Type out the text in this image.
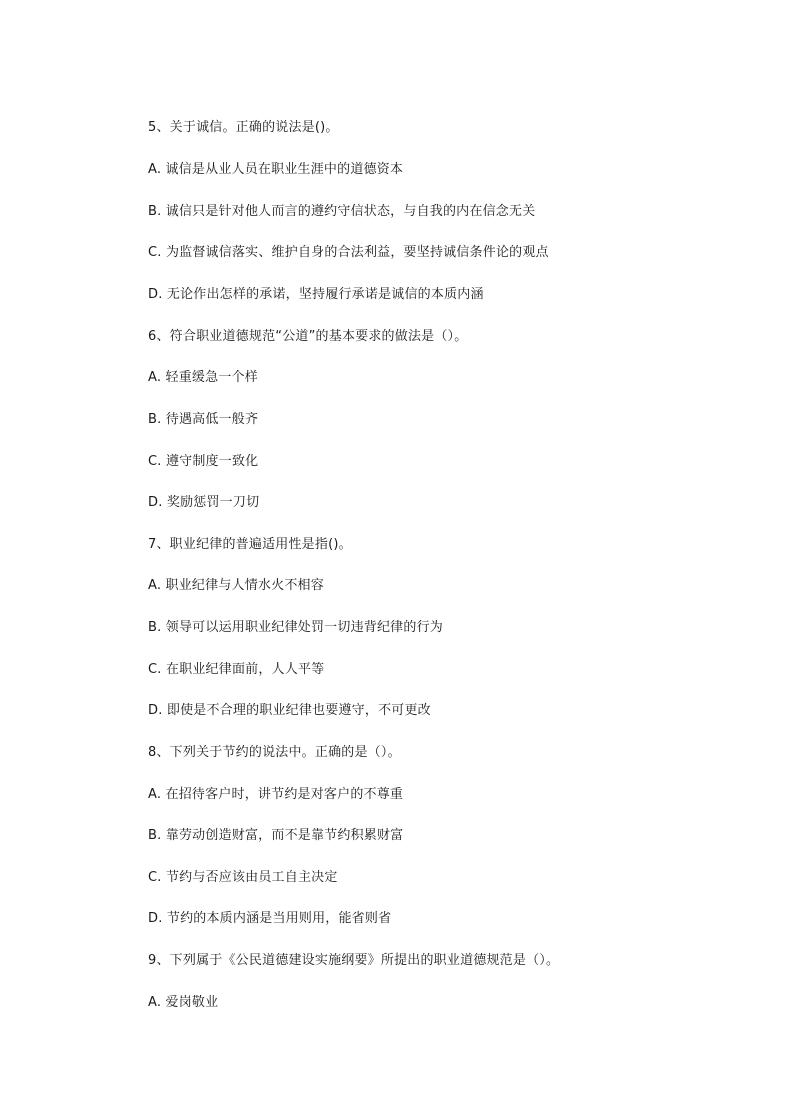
5、关于诚信。正确的说法是()。
A. 诚信是从业人员在职业生涯中的道德资本
B. 诚信只是针对他人而言的遵约守信状态，与自我的内在信念无关
C. 为监督诚信落实、维护自身的合法利益，要坚持诚信条件论的观点
D. 无论作出怎样的承诺，坚持履行承诺是诚信的本质内涵
6、符合职业道德规范“公道”的基本要求的做法是（）。
A. 轻重缓急一个样
B. 待遇高低一般齐
C. 遵守制度一致化
D. 奖励惩罚一刀切
7、职业纪律的普遍适用性是指()。
A. 职业纪律与人情水火不相容
B. 领导可以运用职业纪律处罚一切违背纪律的行为
C. 在职业纪律面前，人人平等
D. 即使是不合理的职业纪律也要遵守，不可更改
8、下列关于节约的说法中。正确的是（）。
A. 在招待客户时，讲节约是对客户的不尊重
B. 靠劳动创造财富，而不是靠节约积累财富
C. 节约与否应该由员工自主决定
D. 节约的本质内涵是当用则用，能省则省
9、下列属于《公民道德建设实施纲要》所提出的职业道德规范是（）。
A. 爱岗敬业
